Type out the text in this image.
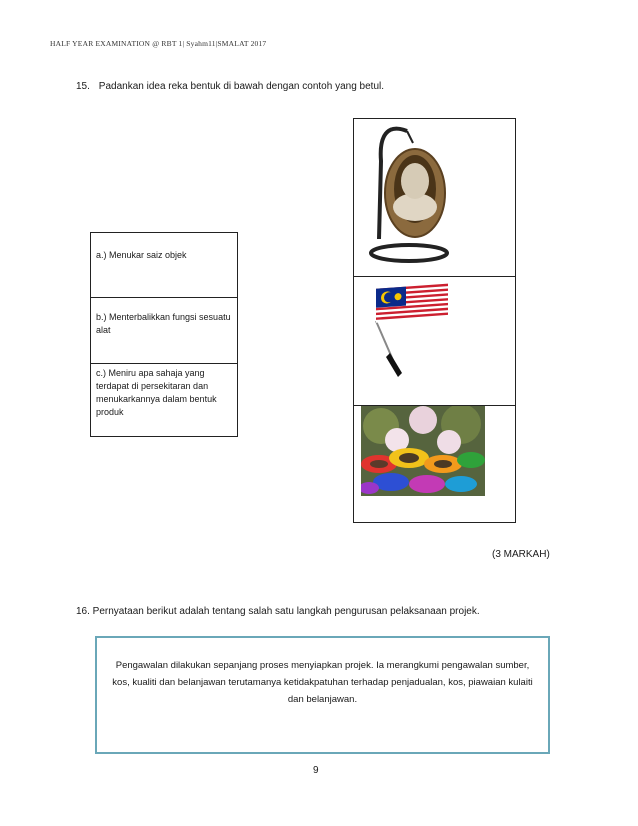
HALF YEAR EXAMINATION @ RBT 1| Syahm11|SMALAT 2017
15. Padankan idea reka bentuk di bawah dengan contoh yang betul.
a.) Menukar saiz objek
b.) Menterbalikkan fungsi sesuatu alat
c.) Meniru apa sahaja yang terdapat di persekitaran dan menukarkannya dalam bentuk produk
(3 MARKAH)
16. Pernyataan berikut adalah tentang salah satu langkah pengurusan pelaksanaan projek.
Pengawalan dilakukan sepanjang proses menyiapkan projek. Ia merangkumi pengawalan sumber, kos, kualiti dan belanjawan terutamanya ketidakpatuhan terhadap penjadualan, kos, piawaian kulaiti dan belanjawan.
9
